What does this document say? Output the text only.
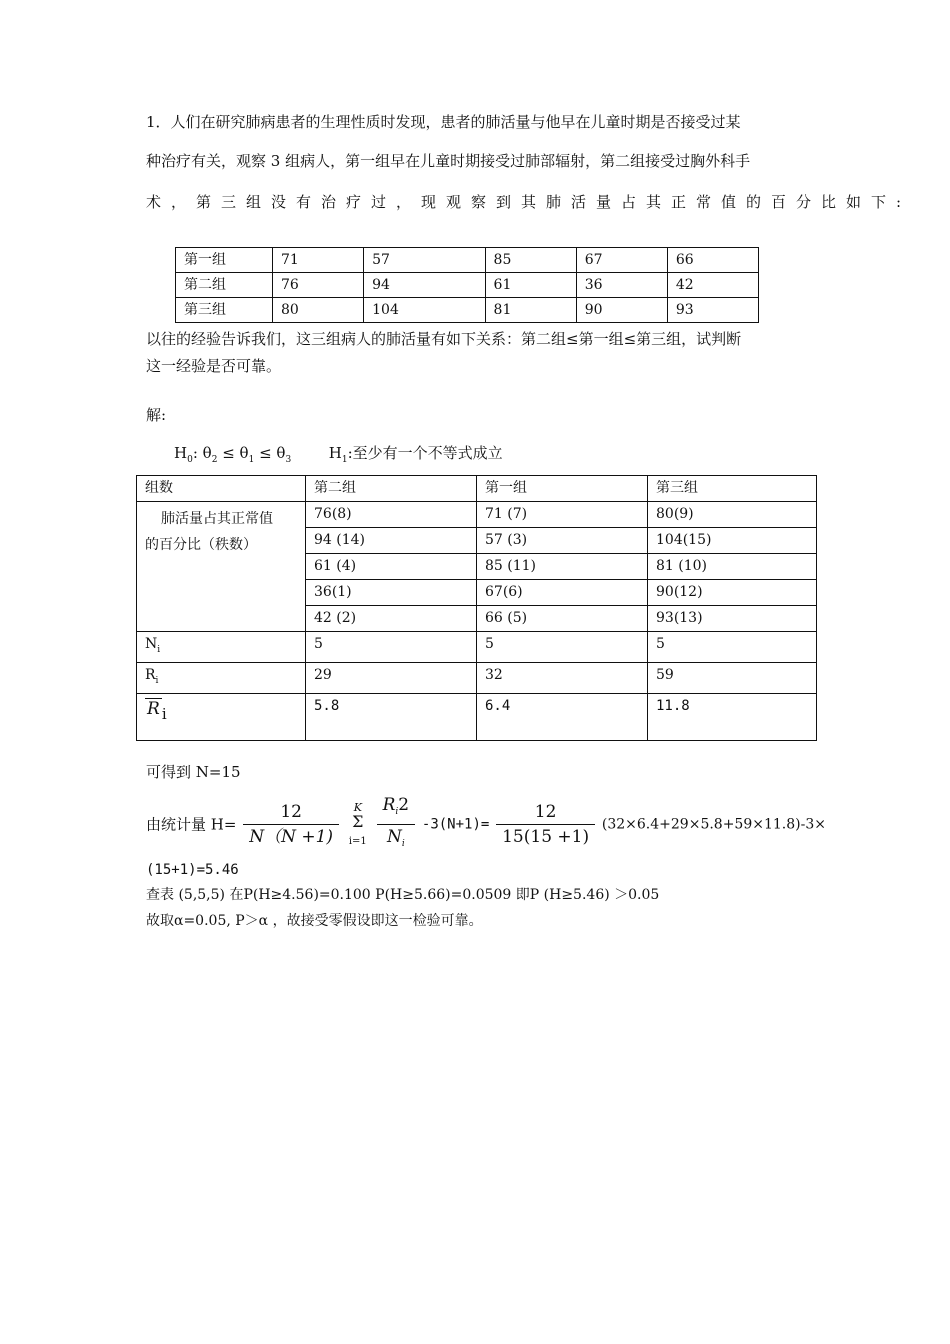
1．人们在研究肺病患者的生理性质时发现，患者的肺活量与他早在儿童时期是否接受过某
种治疗有关，观察 3 组病人，第一组早在儿童时期接受过肺部辐射，第二组接受过胸外科手
术，第三组没有治疗过，现观察到其肺活量占其正常值的百分比如下:
第一组	71	57	85	67	66
第二组	76	94	61	36	42
第三组	80	104	81	90	93
以往的经验告诉我们，这三组病人的肺活量有如下关系：第二组≤第一组≤第三组，试判断
这一经验是否可靠。
解:
$H_0$: $\theta_2 \le \theta_1 \le \theta_3$	$H_1$:至少有一个不等式成立
组数	第二组	第一组	第三组

肺活量占其正常值
的百分比（秩数）	76(8)	71 (7)	80(9)
	94 (14)	57 (3)	104(15)
	61 (4)	85 (11)	81 (10)
	36(1)	67(6)	90(12)
	42 (2)	66 (5)	93(13)
$N_i$	5	5	5
$R_i$	29	32	59
R i	5.8	6.4	11.8
可得到 N=15
由统计量 $H= \frac{12}{N(N +1)}$
	K
Σ
i=1
$\frac{R_i2}{N_i} -3(N+1)= \frac{12}{15(15 +1)} (32\times 6.4+29\times 5.8+59\times 11.8)-3\times$
(15+1)=5.46
查表 (5,5,5) 在P(H≥4.56)=0.100 P(H≥5.66)=0.0509 即P (H≥5.46) ＞0.05
故取α=0.05, P＞α ，故接受零假设即这一检验可靠。
